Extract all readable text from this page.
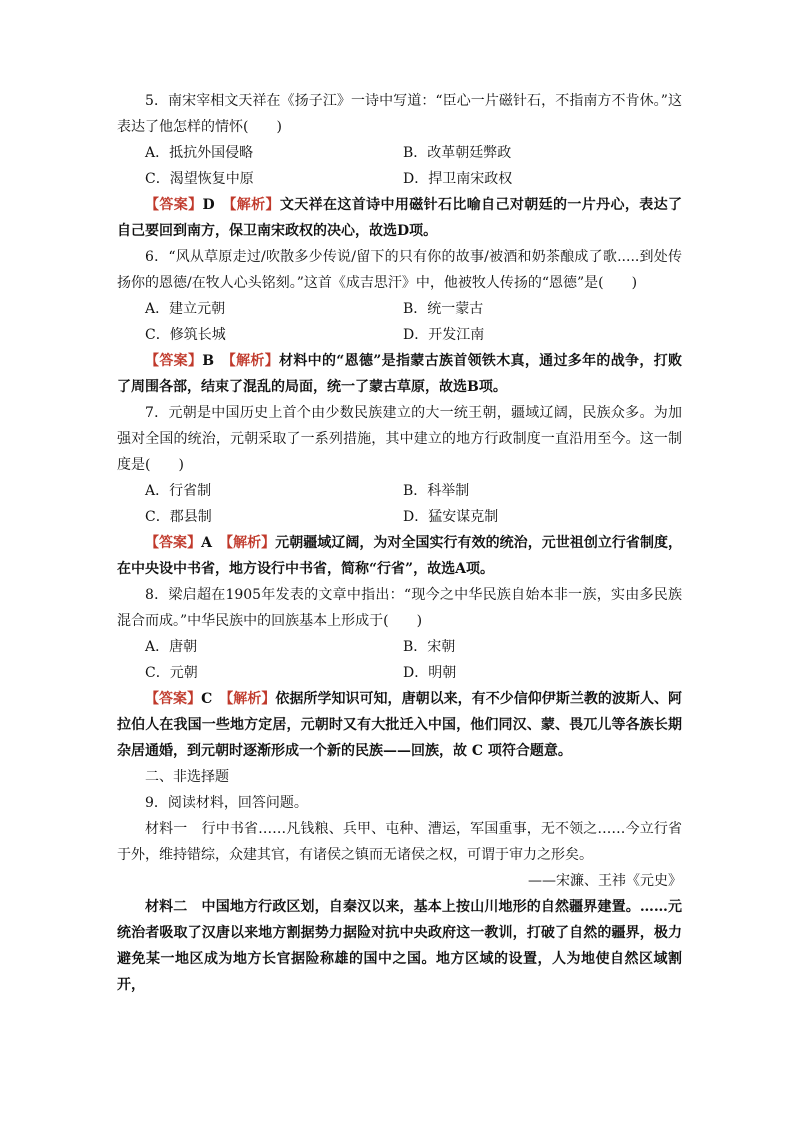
5．南宋宰相文天祥在《扬子江》一诗中写道：“臣心一片磁针石，不指南方不肯休。”这表达了他怎样的情怀(　　)
A．抵抗外国侵略	B．改革朝廷弊政
C．渴望恢复中原	D．捍卫南宋政权
【答案】D　【解析】文天祥在这首诗中用磁针石比喻自己对朝廷的一片丹心，表达了自己要回到南方，保卫南宋政权的决心，故选D项。
6．“风从草原走过/吹散多少传说/留下的只有你的故事/被酒和奶茶酿成了歌.....到处传扬你的恩德/在牧人心头铭刻。”这首《成吉思汗》中，他被牧人传扬的“恩德”是(　　)
A．建立元朝	B．统一蒙古
C．修筑长城	D．开发江南
【答案】B　【解析】材料中的“恩德”是指蒙古族首领铁木真，通过多年的战争，打败了周围各部，结束了混乱的局面，统一了蒙古草原，故选B项。
7．元朝是中国历史上首个由少数民族建立的大一统王朝，疆域辽阔，民族众多。为加强对全国的统治，元朝采取了一系列措施，其中建立的地方行政制度一直沿用至今。这一制度是(　　)
A．行省制	B．科举制
C．郡县制	D．猛安谋克制
【答案】A　【解析】元朝疆域辽阔，为对全国实行有效的统治，元世祖创立行省制度，在中央设中书省，地方设行中书省，简称“行省”，故选A项。
8．梁启超在1905年发表的文章中指出：“现今之中华民族自始本非一族，实由多民族混合而成。”中华民族中的回族基本上形成于(　　)
A．唐朝	B．宋朝
C．元朝	D．明朝
【答案】C　【解析】依据所学知识可知，唐朝以来，有不少信仰伊斯兰教的波斯人、阿拉伯人在我国一些地方定居，元朝时又有大批迁入中国，他们同汉、蒙、畏兀儿等各族长期杂居通婚，到元朝时逐渐形成一个新的民族——回族，故 C 项符合题意。
二、非选择题
9．阅读材料，回答问题。
材料一　行中书省……凡钱粮、兵甲、屯种、漕运，军国重事，无不领之……今立行省于外，维持错综，众建其官，有诸侯之镇而无诸侯之权，可谓于审力之形矣。
——宋濂、王祎《元史》
材料二　中国地方行政区划，自秦汉以来，基本上按山川地形的自然疆界建置。……元统治者吸取了汉唐以来地方割据势力据险对抗中央政府这一教训，打破了自然的疆界，极力避免某一地区成为地方长官据险称雄的国中之国。地方区域的设置，人为地使自然区域割开，
